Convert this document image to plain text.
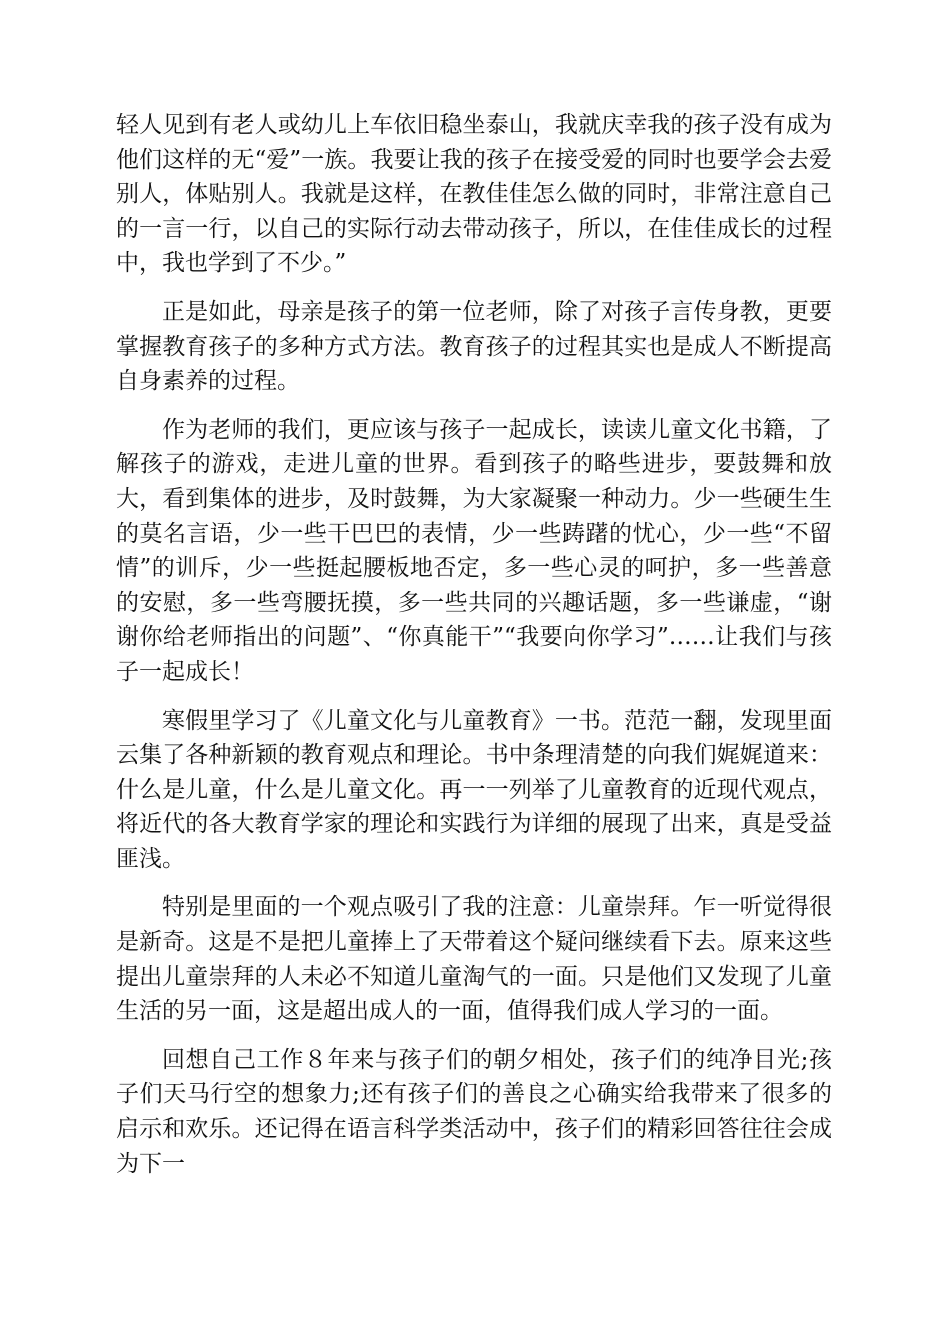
轻人见到有老人或幼儿上车依旧稳坐泰山，我就庆幸我的孩子没有成为他们这样的无“爱”一族。我要让我的孩子在接受爱的同时也要学会去爱别人，体贴别人。我就是这样，在教佳佳怎么做的同时，非常注意自己的一言一行，以自己的实际行动去带动孩子，所以，在佳佳成长的过程中，我也学到了不少。”

正是如此，母亲是孩子的第一位老师，除了对孩子言传身教，更要掌握教育孩子的多种方式方法。教育孩子的过程其实也是成人不断提高自身素养的过程。

作为老师的我们，更应该与孩子一起成长，读读儿童文化书籍，了解孩子的游戏，走进儿童的世界。看到孩子的略些进步，要鼓舞和放大，看到集体的进步，及时鼓舞，为大家凝聚一种动力。少一些硬生生的莫名言语，少一些干巴巴的表情，少一些踌躇的忧心，少一些“不留情”的训斥，少一些挺起腰板地否定，多一些心灵的呵护，多一些善意的安慰，多一些弯腰抚摸，多一些共同的兴趣话题，多一些谦虚，“谢谢你给老师指出的问题”、“你真能干”“我要向你学习”……让我们与孩子一起成长！

寒假里学习了《儿童文化与儿童教育》一书。范范一翻，发现里面云集了各种新颖的教育观点和理论。书中条理清楚的向我们娓娓道来：什么是儿童，什么是儿童文化。再一一列举了儿童教育的近现代观点，将近代的各大教育学家的理论和实践行为详细的展现了出来，真是受益匪浅。

特别是里面的一个观点吸引了我的注意：儿童崇拜。乍一听觉得很是新奇。这是不是把儿童捧上了天带着这个疑问继续看下去。原来这些提出儿童崇拜的人未必不知道儿童淘气的一面。只是他们又发现了儿童生活的另一面，这是超出成人的一面，值得我们成人学习的一面。

回想自己工作８年来与孩子们的朝夕相处，孩子们的纯净目光;孩子们天马行空的想象力;还有孩子们的善良之心确实给我带来了很多的启示和欢乐。还记得在语言科学类活动中，孩子们的精彩回答往往会成为下一
